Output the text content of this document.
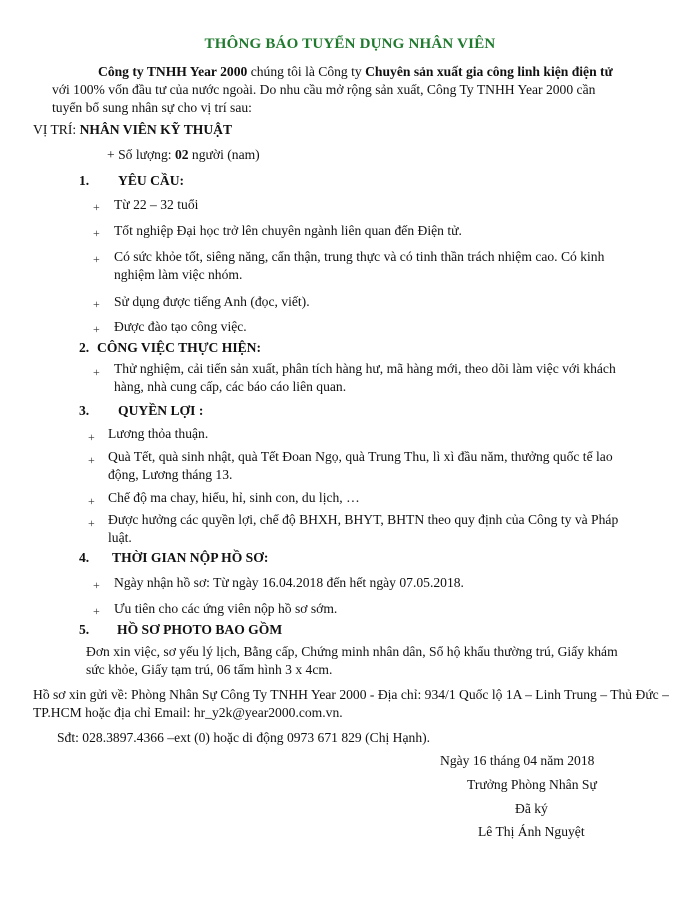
THÔNG BÁO TUYỂN DỤNG NHÂN VIÊN
Công ty TNHH Year 2000 chúng tôi là Công ty Chuyên sản xuất gia công linh kiện điện tử với 100% vốn đầu tư của nước ngoài. Do nhu cầu mở rộng sản xuất, Công Ty TNHH Year 2000 cần tuyển bổ sung nhân sự cho vị trí sau:
VỊ TRÍ: NHÂN VIÊN KỸ THUẬT
+ Số lượng: 02 người (nam)
1. YÊU CẦU:
+ Từ 22 – 32 tuổi
+ Tốt nghiệp Đại học trở lên chuyên ngành liên quan đến Điện tử.
+ Có sức khỏe tốt, siêng năng, cẩn thận, trung thực và có tinh thần trách nhiệm cao. Có kinh nghiệm làm việc nhóm.
+ Sử dụng được tiếng Anh (đọc, viết).
+ Được đào tạo công việc.
2. CÔNG VIỆC THỰC HIỆN:
+ Thử nghiệm, cải tiến sản xuất, phân tích hàng hư, mã hàng mới, theo dõi làm việc với khách hàng, nhà cung cấp, các báo cáo liên quan.
3. QUYỀN LỢI :
+ Lương thỏa thuận.
+ Quà Tết, quà sinh nhật, quà Tết Đoan Ngọ, quà Trung Thu, lì xì đầu năm, thưởng quốc tế lao động, Lương tháng 13.
+ Chế độ ma chay, hiếu, hỉ, sinh con, du lịch, …
+ Được hưởng các quyền lợi, chế độ BHXH, BHYT, BHTN theo quy định của Công ty và Pháp luật.
4. THỜI GIAN NỘP HỒ SƠ:
+ Ngày nhận hồ sơ: Từ ngày 16.04.2018 đến hết ngày 07.05.2018.
+ Ưu tiên cho các ứng viên nộp hồ sơ sớm.
5. HỒ SƠ PHOTO BAO GỒM
Đơn xin việc, sơ yếu lý lịch, Bằng cấp, Chứng minh nhân dân, Sổ hộ khẩu thường trú, Giấy khám sức khỏe, Giấy tạm trú, 06 tấm hình 3 x 4cm.
Hồ sơ xin gửi về: Phòng Nhân Sự Công Ty TNHH Year 2000 - Địa chỉ: 934/1 Quốc lộ 1A – Linh Trung – Thủ Đức – TP.HCM hoặc địa chỉ Email: hr_y2k@year2000.com.vn.
Sđt: 028.3897.4366 –ext (0) hoặc di động 0973 671 829 (Chị Hạnh).
Ngày 16 tháng 04 năm 2018
Trưởng Phòng Nhân Sự
Đã ký
Lê Thị Ánh Nguyệt
